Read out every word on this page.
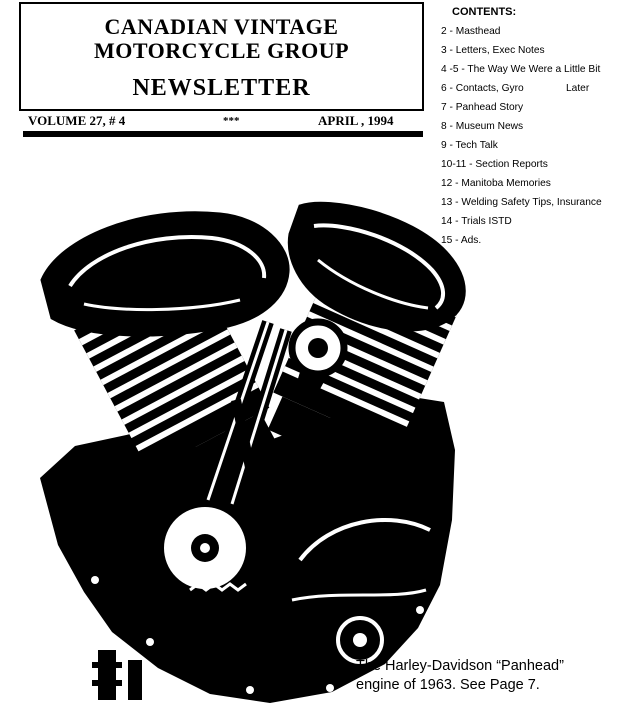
CANADIAN VINTAGE
MOTORCYCLE GROUP
NEWSLETTER
VOLUME 27, # 4	***	APRIL , 1994
CONTENTS:
2 - Masthead
3 - Letters, Exec Notes
4 -5 - The Way We Were a Little Bit
Later
6 - Contacts, Gyro
7 - Panhead Story
8 - Museum News
9 - Tech Talk
10-11 - Section Reports
12 - Manitoba Memories
13 - Welding Safety Tips, Insurance
14 - Trials ISTD
15 - Ads.
The Harley-Davidson “Panhead”
engine of 1963. See Page 7.
